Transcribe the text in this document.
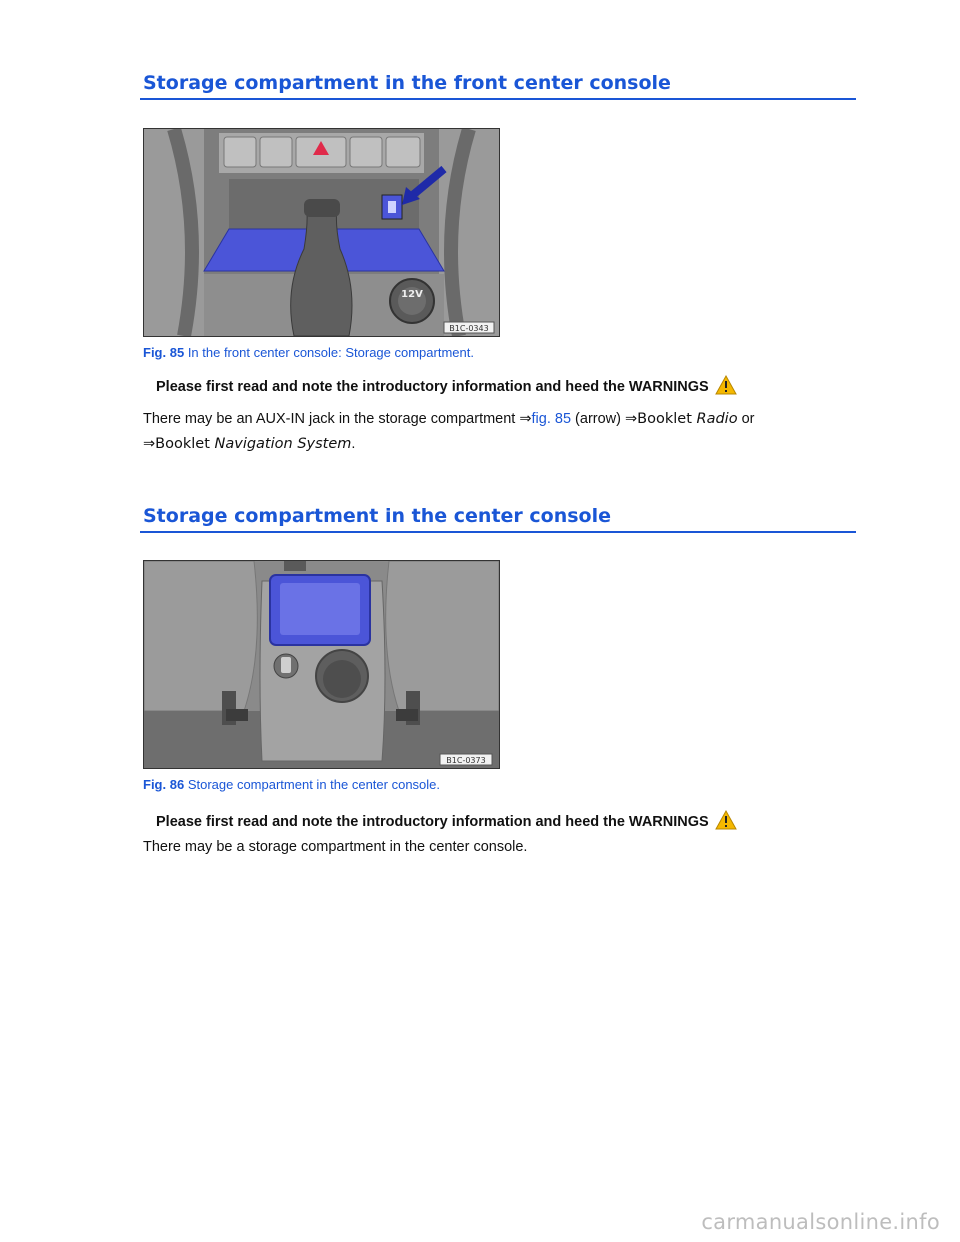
Storage compartment in the front center console
12V
B1C-0343
Fig. 85 In the front center console: Storage compartment.
Please first read and note the introductory information and heed the WARNINGS
There may be an AUX-IN jack in the storage compartment ⇒fig. 85 (arrow) ⇒Booklet Radio or
⇒Booklet Navigation System.
Storage compartment in the center console
B1C-0373
Fig. 86 Storage compartment in the center console.
Please first read and note the introductory information and heed the WARNINGS
There may be a storage compartment in the center console.
carmanualsonline.info
